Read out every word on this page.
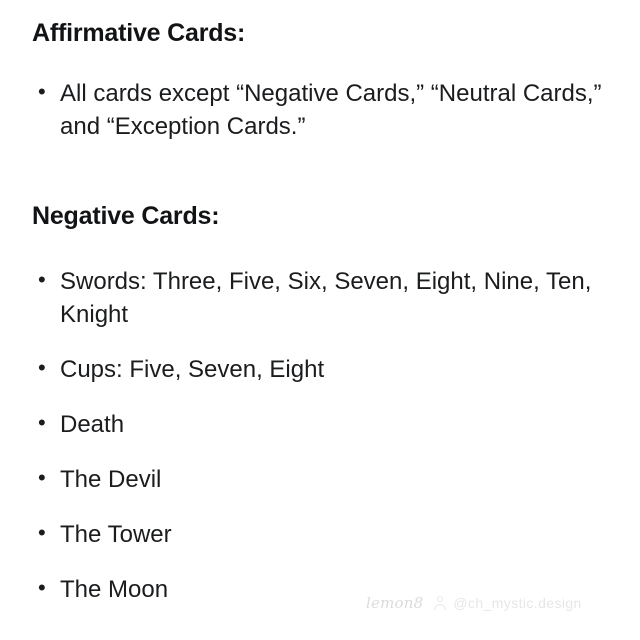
Affirmative Cards:
• All cards except “Negative Cards,” “Neutral Cards,” and “Exception Cards.”
Negative Cards:
• Swords: Three, Five, Six, Seven, Eight, Nine, Ten, Knight
• Cups: Five, Seven, Eight
• Death
• The Devil
• The Tower
• The Moon	lemon8 @ch_mystic.design
